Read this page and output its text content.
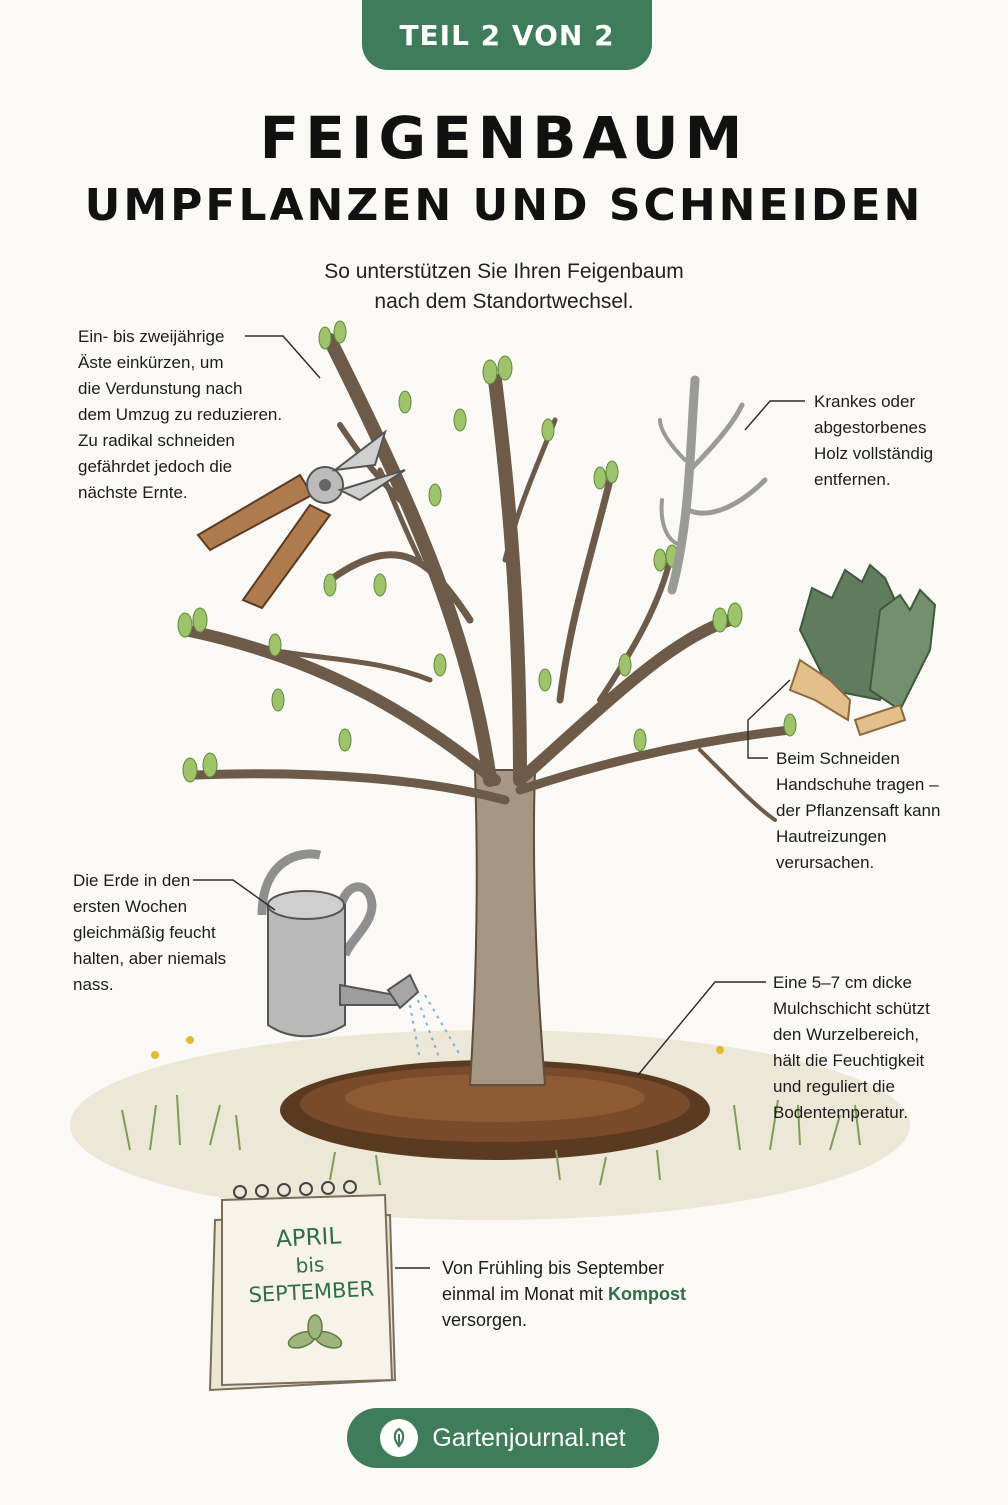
TEIL 2 VON 2
FEIGENBAUM
UMPFLANZEN UND SCHNEIDEN
So unterstützen Sie Ihren Feigenbaum
nach dem Standortwechsel.
APRIL
bis
SEPTEMBER
Ein- bis zweijährige
Äste einkürzen, um
die Verdunstung nach
dem Umzug zu reduzieren.
Zu radikal schneiden
gefährdet jedoch die
nächste Ernte.
Krankes oder
abgestorbenes
Holz vollständig
entfernen.
Beim Schneiden
Handschuhe tragen –
der Pflanzensaft kann
Hautreizungen
verursachen.
Die Erde in den
ersten Wochen
gleichmäßig feucht
halten, aber niemals
nass.	Eine 5–7 cm dicke
Mulchschicht schützt
den Wurzelbereich,
hält die Feuchtigkeit
und reguliert die
Bodentemperatur.
Von Frühling bis September
einmal im Monat mit Kompost
versorgen.
Gartenjournal.net
